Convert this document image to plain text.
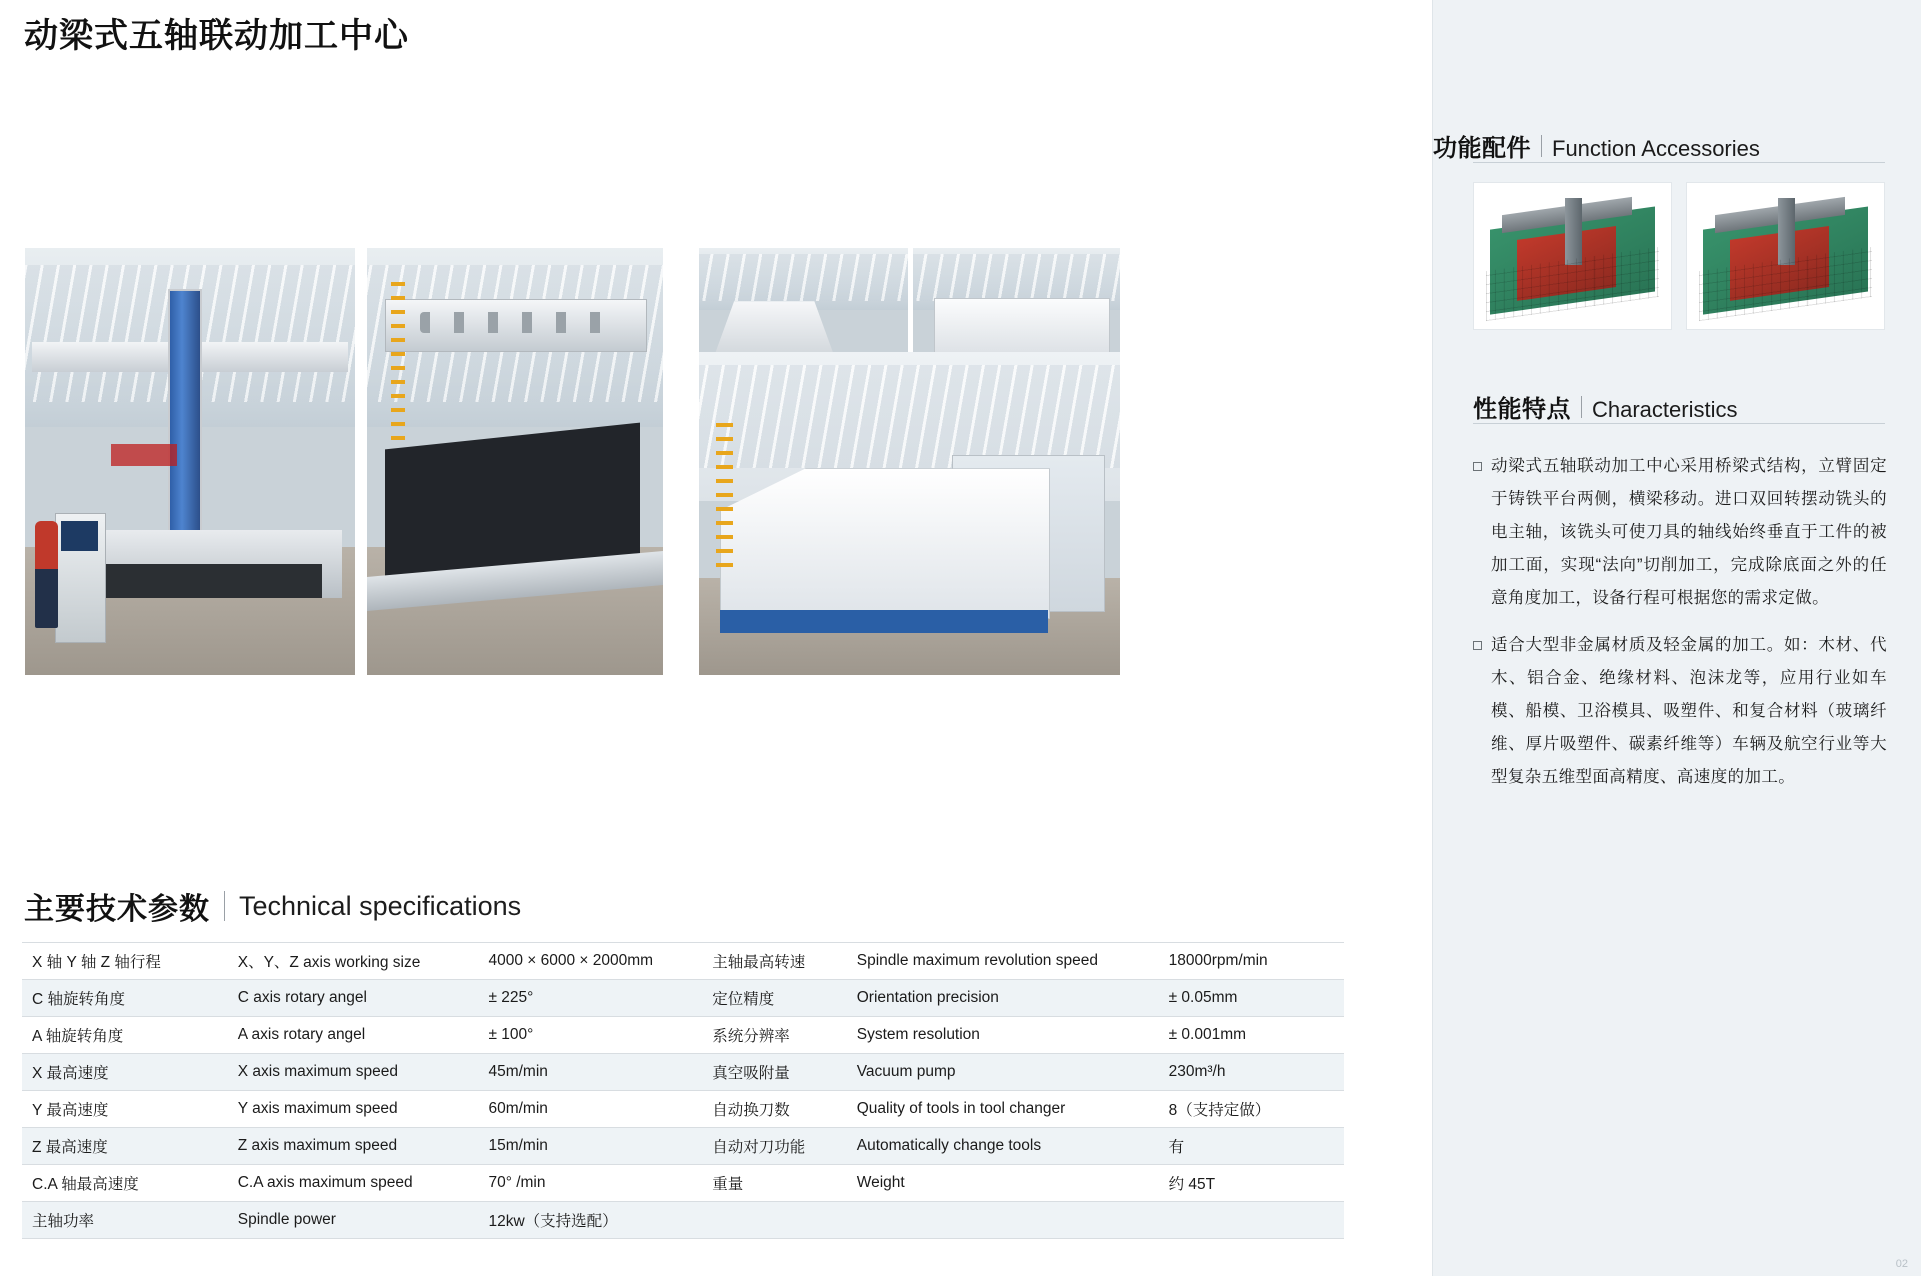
动梁式五轴联动加工中心
主要技术参数 Technical specifications
X 轴 Y 轴 Z 轴行程	X、Y、Z axis working size	4000 × 6000 × 2000mm	主轴最高转速	Spindle maximum revolution speed	18000rpm/min
C 轴旋转角度	C axis rotary angel	± 225°	定位精度	Orientation precision	± 0.05mm
A 轴旋转角度	A axis rotary angel	± 100°	系统分辨率	System resolution	± 0.001mm
X 最高速度	X axis maximum speed	45m/min	真空吸附量	Vacuum pump	230m³/h
Y 最高速度	Y axis maximum speed	60m/min	自动换刀数	Quality of tools in tool changer	8（支持定做）
Z 最高速度	Z axis maximum speed	15m/min	自动对刀功能	Automatically change tools	有
C.A 轴最高速度	C.A axis maximum speed	70° /min	重量	Weight	约 45T
主轴功率	Spindle power	12kw（支持选配）			
功能配件 Function Accessories
性能特点 Characteristics
动梁式五轴联动加工中心采用桥梁式结构，立臂固定于铸铁平台两侧，横梁移动。进口双回转摆动铣头的电主轴，该铣头可使刀具的轴线始终垂直于工件的被加工面，实现“法向”切削加工，完成除底面之外的任意角度加工，设备行程可根据您的需求定做。
适合大型非金属材质及轻金属的加工。如：木材、代木、铝合金、绝缘材料、泡沫龙等，应用行业如车模、船模、卫浴模具、吸塑件、和复合材料（玻璃纤维、厚片吸塑件、碳素纤维等）车辆及航空行业等大型复杂五维型面高精度、高速度的加工。
02
